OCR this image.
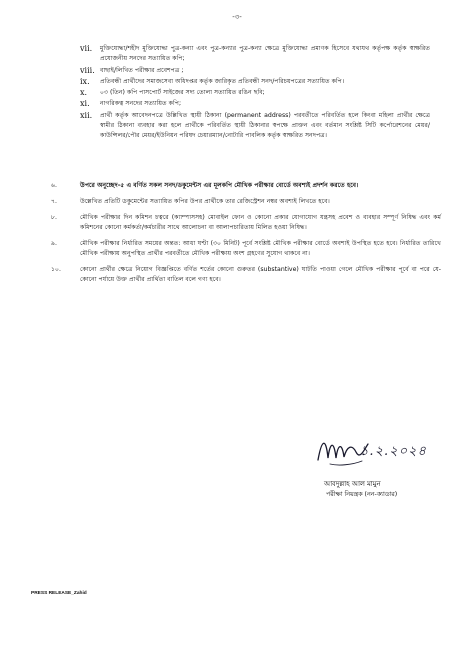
-৩-
vii.	মুক্তিযোদ্ধা/শহীদ মুক্তিযোদ্ধা পুত্র-কন্যা এবং পুত্র-কন্যার পুত্র-কন্যা ক্ষেত্রে মুক্তিযোদ্ধা প্রমাণক হিসেবে যথাযথ কর্তৃপক্ষ কর্তৃক স্বাক্ষরিত প্রযোজনীয় সনদের সত্যায়িত কপি;
viii. বাছাই/লিখিত পরীক্ষার প্রবেশপত্র ;
ix.	প্রতিবন্ধী প্রার্থীদের সমাজসেবা অধিদপ্তর কর্তৃক জারিকৃত প্রতিবন্ধী সনদ/পরিচয়পত্রের সত্যায়িত কপি।
x.	০৩ (তিন) কপি পাসপোর্ট সাইজের সদ্য তোলা সত্যায়িত রঙিন ছবি;
xi.	নাগরিকত্ব সনদের সত্যায়িত কপি;
xii.	প্রার্থী কর্তৃক আবেদনপত্রে উল্লিখিত স্থায়ী ঠিকানা (permanent address) পরবর্তীতে পরিবর্তিত হলে কিংবা মহিলা প্রার্থীর ক্ষেত্রে স্বামীর ঠিকানা ব্যবহার করা হলে প্রার্থীকে পরিবর্তিত স্থায়ী ঠিকানার স্বপক্ষে প্রাক্তন এবং বর্তমান সংশ্লিষ্ট সিটি কর্পোরেশনের মেয়র/কাউন্সিলর/পৌর মেয়র/ইউনিয়ন পরিষদ চেয়ারম্যান/নোটারি পাবলিক কর্তৃক স্বাক্ষরিত সনদপত্র।
৬.	উপরে অনুচ্ছেদ-৫ এ বর্ণিত সকল সনদ/ডকুমেন্টস এর মূলকপি মৌখিক পরীক্ষার বোর্ডে অবশ্যই প্রদর্শন করতে হবে।
৭.	উল্লেখিত প্রতিটি ডকুমেন্টের সত্যায়িত কপির উপর প্রার্থীকে তার রেজিস্ট্রেশন নম্বর অবশ্যই লিখতে হবে।
৮.	মৌখিক পরীক্ষার দিন কমিশন চত্বরে (ক্যাম্পাসসহ) মোবাইল ফোন ও কোনো প্রকার যোগাযোগ যন্ত্রসহ প্রবেশ ও ব্যবহার সম্পূর্ণ নিষিদ্ধ এবং কর্ম কমিশনের কোনো কর্মকর্তা/কর্মচারীর সাথে আলোচনা বা আলাপচারিতায় মিলিত হওয়া নিষিদ্ধ।
৯.	মৌখিক পরীক্ষার নির্ধারিত সময়ের অন্তত: আধা ঘণ্টা (৩০ মিনিট) পূর্বে সংশ্লিষ্ট মৌখিক পরীক্ষার বোর্ডে অবশ্যই উপস্থিত হতে হবে। নির্ধারিত তারিখে মৌখিক পরীক্ষায় অনুপস্থিত প্রার্থীর পরবর্তীতে মৌখিক পরীক্ষায় অংশ গ্রহণের সুযোগ থাকবে না।
১০.	কোনো প্রার্থীর ক্ষেত্রে নিয়োগ বিজ্ঞপ্তিতে বর্ণিত শর্তের কোনো গুরুতর (substantive) ঘাটতি পাওয়া গেলে মৌখিক পরীক্ষার পূর্বে বা পরে যে-কোনো পর্যায়ে উক্ত প্রার্থীর প্রার্থিতা বাতিল বলে গণ্য হবে।
১.২.২০২৪
আবদুল্লাহ আল মামুন
পরীক্ষা নিয়ন্ত্রক (নন-ক্যাডার)
PRESS RELEASE_Zahid
